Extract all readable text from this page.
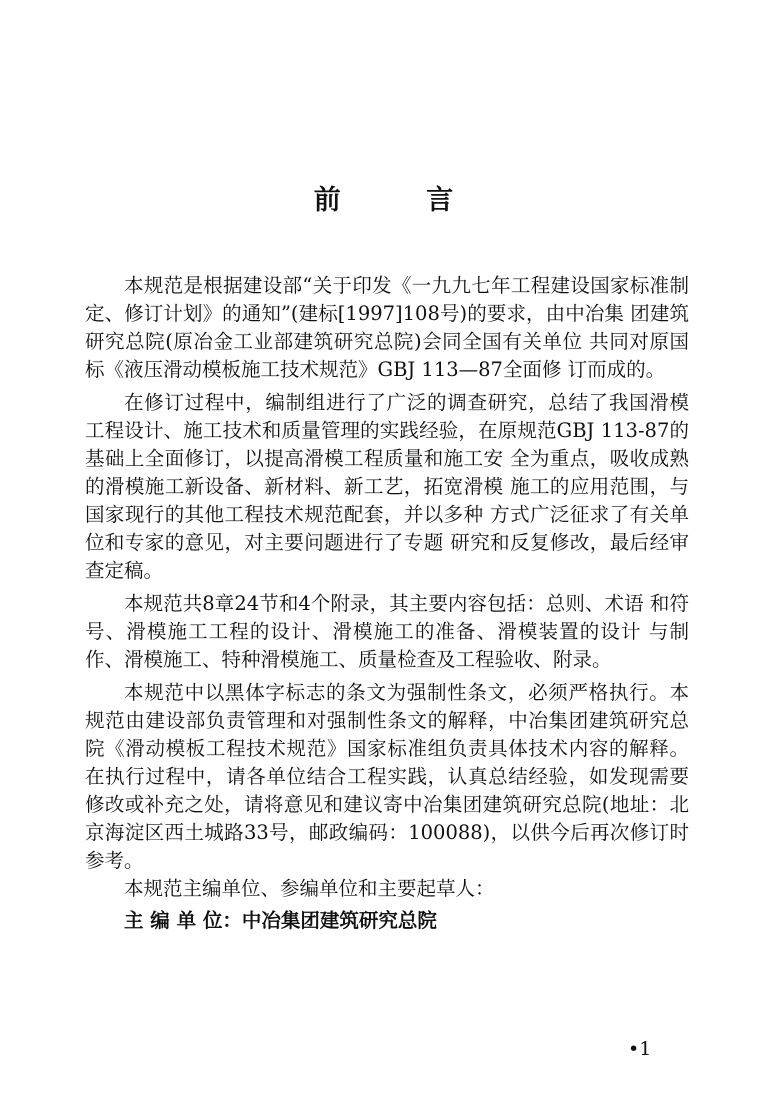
前 言

本规范是根据建设部“关于印发《一九九七年工程建设国家标准制定、修订计划》的通知”(建标[1997]108号)的要求，由中冶集 团建筑研究总院(原冶金工业部建筑研究总院)会同全国有关单位 共同对原国标《液压滑动模板施工技术规范》GBJ 113—87全面修 订而成的。

在修订过程中，编制组进行了广泛的调查研究，总结了我国滑模工程设计、施工技术和质量管理的实践经验，在原规范GBJ 113-87的基础上全面修订，以提高滑模工程质量和施工安 全为重点，吸收成熟的滑模施工新设备、新材料、新工艺，拓宽滑模 施工的应用范围，与国家现行的其他工程技术规范配套，并以多种 方式广泛征求了有关单位和专家的意见，对主要问题进行了专题 研究和反复修改，最后经审查定稿。

本规范共8章24节和4个附录，其主要内容包括：总则、术语 和符号、滑模施工工程的设计、滑模施工的准备、滑模装置的设计 与制作、滑模施工、特种滑模施工、质量检查及工程验收、附录。

本规范中以黑体字标志的条文为强制性条文，必须严格执行。本规范由建设部负责管理和对强制性条文的解释，中冶集团建筑研究总院《滑动模板工程技术规范》国家标准组负责具体技术内容的解释。在执行过程中，请各单位结合工程实践，认真总结经验，如发现需要修改或补充之处，请将意见和建议寄中冶集团建筑研究总院(地址：北京海淀区西土城路33号，邮政编码：100088)，以供今后再次修订时参考。

本规范主编单位、参编单位和主要起草人：

主 编 单 位：中冶集团建筑研究总院

•1
